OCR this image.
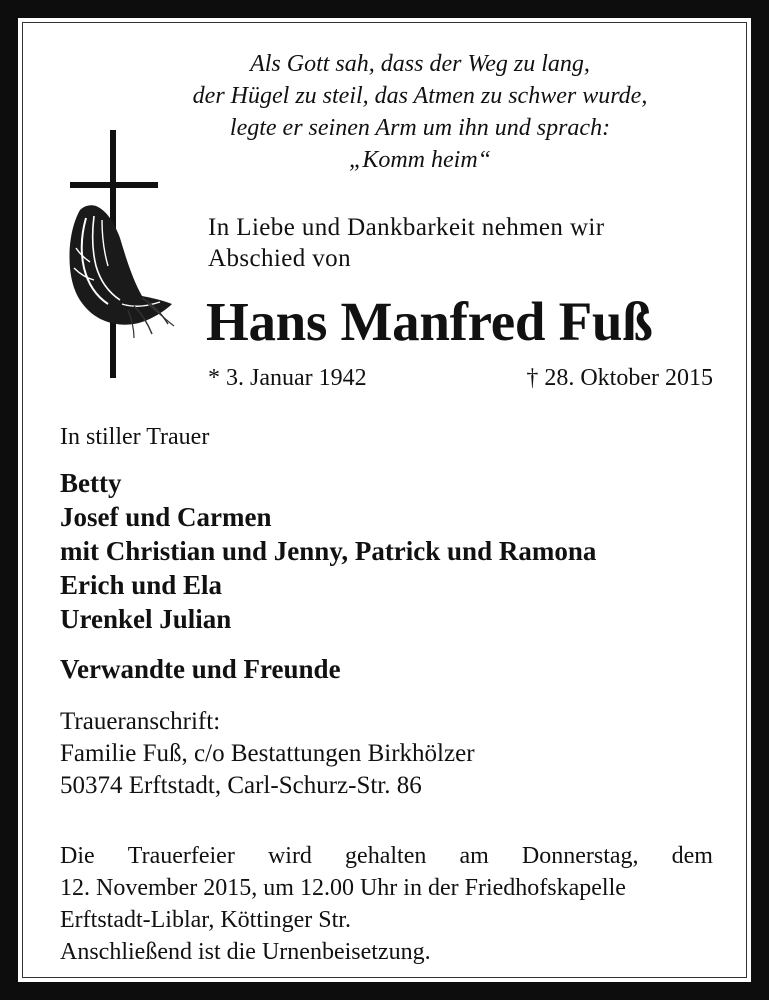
Als Gott sah, dass der Weg zu lang,
der Hügel zu steil, das Atmen zu schwer wurde,
legte er seinen Arm um ihn und sprach:
„Komm heim“
In Liebe und Dankbarkeit nehmen wir
Abschied von
Hans Manfred Fuß
* 3. Januar 1942	† 28. Oktober 2015
In stiller Trauer
Betty
Josef und Carmen
mit Christian und Jenny, Patrick und Ramona
Erich und Ela
Urenkel Julian
Verwandte und Freunde
Traueranschrift:
Familie Fuß, c/o Bestattungen Birkhölzer
50374 Erftstadt, Carl-Schurz-Str. 86
Die Trauerfeier wird gehalten am Donnerstag, dem
12. November 2015, um 12.00 Uhr in der Friedhofskapelle
Erftstadt-Liblar, Köttinger Str.
Anschließend ist die Urnenbeisetzung.
